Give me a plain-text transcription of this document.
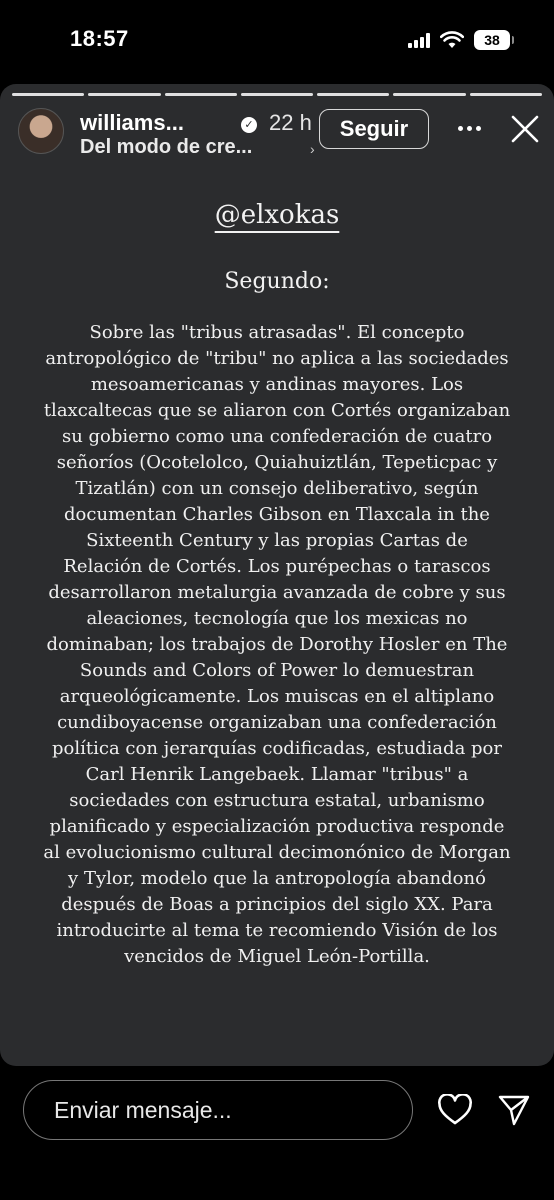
18:57	38
williams...	✓ 22 h
Del modo de cre...	›
Seguir
@elxokas
Segundo:
Sobre las "tribus atrasadas". El concepto
antropológico de "tribu" no aplica a las sociedades
mesoamericanas y andinas mayores. Los
tlaxcaltecas que se aliaron con Cortés organizaban
su gobierno como una confederación de cuatro
señoríos (Ocotelolco, Quiahuiztlán, Tepeticpac y
Tizatlán) con un consejo deliberativo, según
documentan Charles Gibson en Tlaxcala in the
Sixteenth Century y las propias Cartas de
Relación de Cortés. Los purépechas o tarascos
desarrollaron metalurgia avanzada de cobre y sus
aleaciones, tecnología que los mexicas no
dominaban; los trabajos de Dorothy Hosler en The
Sounds and Colors of Power lo demuestran
arqueológicamente. Los muiscas en el altiplano
cundiboyacense organizaban una confederación
política con jerarquías codificadas, estudiada por
Carl Henrik Langebaek. Llamar "tribus" a
sociedades con estructura estatal, urbanismo
planificado y especialización productiva responde
al evolucionismo cultural decimonónico de Morgan
y Tylor, modelo que la antropología abandonó
después de Boas a principios del siglo XX. Para
introducirte al tema te recomiendo Visión de los
vencidos de Miguel León-Portilla.
Enviar mensaje...
